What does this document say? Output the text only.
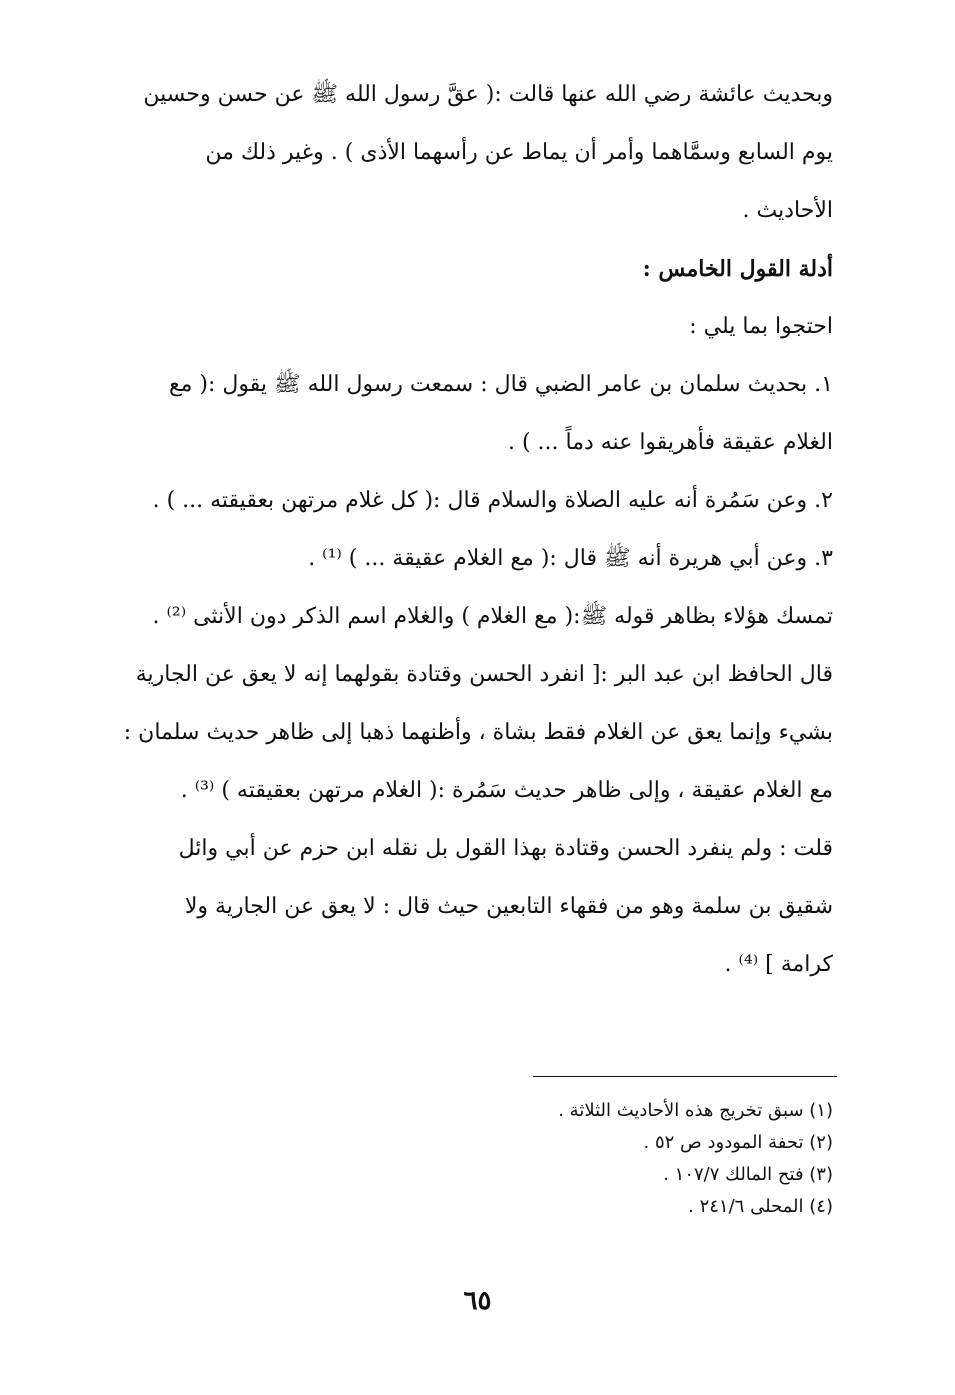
وبحديث عائشة رضي الله عنها قالت :( عقَّ رسول الله ﷺ عن حسن وحسين
يوم السابع وسمَّاهما وأمر أن يماط عن رأسهما الأذى ) . وغير ذلك من
الأحاديث .
أدلة القول الخامس :
احتجوا بما يلي :
١. بحديث سلمان بن عامر الضبي قال : سمعت رسول الله ﷺ يقول :( مع
الغلام عقيقة فأهريقوا عنه دماً ... ) .
٢. وعن سَمُرة أنه عليه الصلاة والسلام قال :( كل غلام مرتهن بعقيقته ... ) .
٣. وعن أبي هريرة أنه ﷺ قال :( مع الغلام عقيقة ... ) ⁽¹⁾ .
تمسك هؤلاء بظاهر قوله ﷺ:( مع الغلام ) والغلام اسم الذكر دون الأنثى ⁽²⁾ .
قال الحافظ ابن عبد البر :[ انفرد الحسن وقتادة بقولهما إنه لا يعق عن الجارية
بشيء وإنما يعق عن الغلام فقط بشاة ، وأظنهما ذهبا إلى ظاهر حديث سلمان :
مع الغلام عقيقة ، وإلى ظاهر حديث سَمُرة :( الغلام مرتهن بعقيقته ) ⁽³⁾ .
قلت : ولم ينفرد الحسن وقتادة بهذا القول بل نقله ابن حزم عن أبي وائل
شقيق بن سلمة وهو من فقهاء التابعين حيث قال : لا يعق عن الجارية ولا
كرامة ] ⁽⁴⁾ .
(١) سبق تخريج هذه الأحاديث الثلاثة .
(٢) تحفة المودود ص ٥٢ .
(٣) فتح المالك ١٠٧/٧ .
(٤) المحلى ٢٤١/٦ .
٦٥
